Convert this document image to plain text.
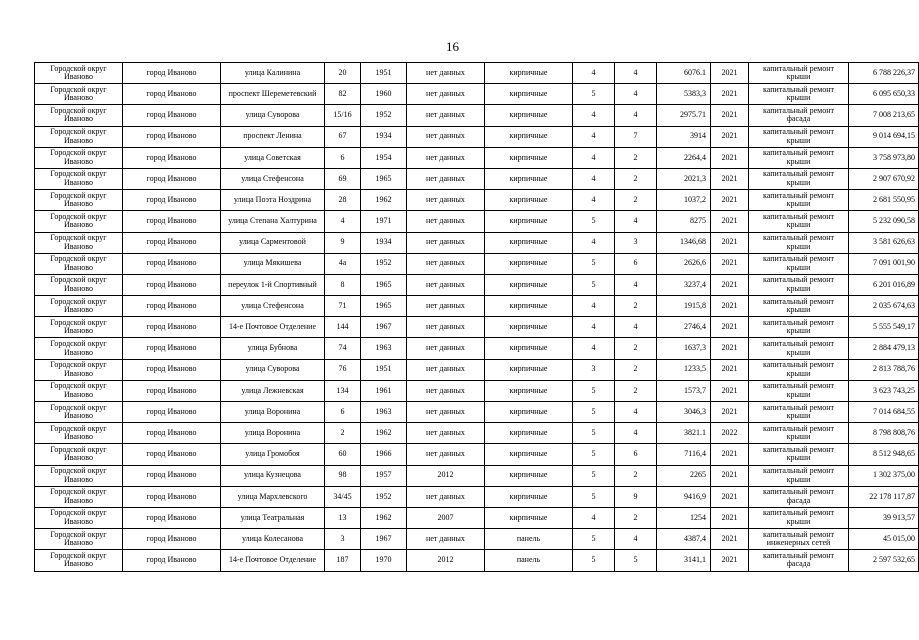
16
Городской округ Иваново	город Иваново	улица Калинина	20	1951	нет данных	кирпичные	4	4	6076.1	2021	капитальный ремонт крыши	6 788 226,37
Городской округ Иваново	город Иваново	проспект Шереметевский	82	1960	нет данных	кирпичные	5	4	5383,3	2021	капитальный ремонт крыши	6 095 650,33
Городской округ Иваново	город Иваново	улица Суворова	15/16	1952	нет данных	кирпичные	4	4	2975.71	2021	капитальный ремонт фасада	7 008 213,65
Городской округ Иваново	город Иваново	проспект Ленина	67	1934	нет данных	кирпичные	4	7	3914	2021	капитальный ремонт крыши	9 014 694,15
Городской округ Иваново	город Иваново	улица Советская	6	1954	нет данных	кирпичные	4	2	2264,4	2021	капитальный ремонт крыши	3 758 973,80
Городской округ Иваново	город Иваново	улица Стефенсона	69	1965	нет данных	кирпичные	4	2	2021,3	2021	капитальный ремонт крыши	2 907 670,92
Городской округ Иваново	город Иваново	улица Поэта Ноздрина	28	1962	нет данных	кирпичные	4	2	1037,2	2021	капитальный ремонт крыши	2 681 550,95
Городской округ Иваново	город Иваново	улица Степана Халтурина	4	1971	нет данных	кирпичные	5	4	8275	2021	капитальный ремонт крыши	5 232 090,58
Городской округ Иваново	город Иваново	улица Сарментовой	9	1934	нет данных	кирпичные	4	3	1346,68	2021	капитальный ремонт крыши	3 581 626,63
Городской округ Иваново	город Иваново	улица Мякишева	4а	1952	нет данных	кирпичные	5	6	2626,6	2021	капитальный ремонт крыши	7 091 001,90
Городской округ Иваново	город Иваново	переулок 1-й Спортивный	8	1965	нет данных	кирпичные	5	4	3237,4	2021	капитальный ремонт крыши	6 201 016,89
Городской округ Иваново	город Иваново	улица Стефенсона	71	1965	нет данных	кирпичные	4	2	1915,8	2021	капитальный ремонт крыши	2 035 674,63
Городской округ Иваново	город Иваново	14-е Почтовое Отделение	144	1967	нет данных	кирпичные	4	4	2746,4	2021	капитальный ремонт крыши	5 555 549,17
Городской округ Иваново	город Иваново	улица Бубнова	74	1963	нет данных	кирпичные	4	2	1637,3	2021	капитальный ремонт крыши	2 884 479,13
Городской округ Иваново	город Иваново	улица Суворова	76	1951	нет данных	кирпичные	3	2	1233,5	2021	капитальный ремонт крыши	2 813 788,76
Городской округ Иваново	город Иваново	улица Лежневская	134	1961	нет данных	кирпичные	5	2	1573,7	2021	капитальный ремонт крыши	3 623 743,25
Городской округ Иваново	город Иваново	улица Воронина	6	1963	нет данных	кирпичные	5	4	3046,3	2021	капитальный ремонт крыши	7 014 684,55
Городской округ Иваново	город Иваново	улица Воронина	2	1962	нет данных	кирпичные	5	4	3821.1	2022	капитальный ремонт крыши	8 798 808,76
Городской округ Иваново	город Иваново	улица Громобоя	60	1966	нет данных	кирпичные	5	6	7116,4	2021	капитальный ремонт крыши	8 512 948,65
Городской округ Иваново	город Иваново	улица Кузнецова	98	1957	2012	кирпичные	5	2	2265	2021	капитальный ремонт крыши	1 302 375,00
Городской округ Иваново	город Иваново	улица Мархлевского	34/45	1952	нет данных	кирпичные	5	9	9416,9	2021	капитальный ремонт фасада	22 178 117,87
Городской округ Иваново	город Иваново	улица Театральная	13	1962	2007	кирпичные	4	2	1254	2021	капитальный ремонт крыши	39 913,57
Городской округ Иваново	город Иваново	улица Колесанова	3	1967	нет данных	панель	5	4	4387,4	2021	капитальный ремонт инженерных сетей	45 015,00
Городской округ Иваново	город Иваново	14-е Почтовое Отделение	187	1970	2012	панель	5	5	3141,1	2021	капитальный ремонт фасада	2 597 532,65
